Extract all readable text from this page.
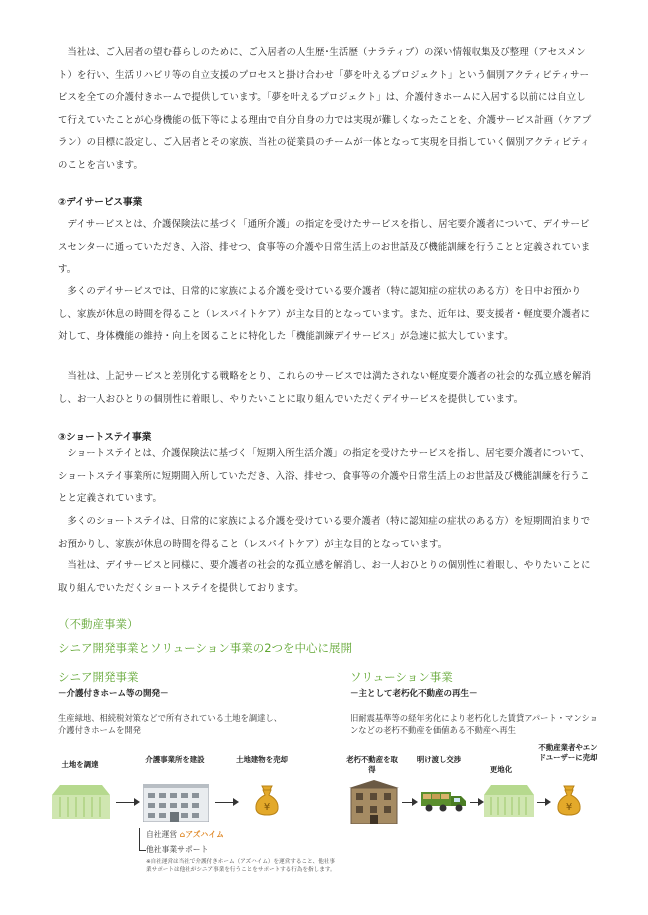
当社は、ご入居者の望む暮らしのために、ご入居者の人生歴･生活歴（ナラティブ）の深い情報収集及び整理（アセスメント）を行い、生活リハビリ等の自立支援のプロセスと掛け合わせ「夢を叶えるプロジェクト」という個別アクティビティサービスを全ての介護付きホームで提供しています。「夢を叶えるプロジェクト」は、介護付きホームに入居する以前には自立して行えていたことが心身機能の低下等による理由で自分自身の力では実現が難しくなったことを、介護サービス計画（ケアプラン）の目標に設定し、ご入居者とその家族、当社の従業員のチームが一体となって実現を目指していく個別アクティビティのことを言います。
②デイサービス事業
デイサービスとは、介護保険法に基づく「通所介護」の指定を受けたサービスを指し、居宅要介護者について、デイサービスセンターに通っていただき、入浴、排せつ、食事等の介護や日常生活上のお世話及び機能訓練を行うことと定義されています。
多くのデイサービスでは、日常的に家族による介護を受けている要介護者（特に認知症の症状のある方）を日中お預かりし、家族が休息の時間を得ること（レスパイトケア）が主な目的となっています。また、近年は、要支援者・軽度要介護者に対して、身体機能の維持・向上を図ることに特化した「機能訓練デイサービス」が急速に拡大しています。
当社は、上記サービスと差別化する戦略をとり、これらのサービスでは満たされない軽度要介護者の社会的な孤立感を解消し、お一人おひとりの個別性に着眼し、やりたいことに取り組んでいただくデイサービスを提供しています。
③ショートステイ事業
ショートステイとは、介護保険法に基づく「短期入所生活介護」の指定を受けたサービスを指し、居宅要介護者について、ショートステイ事業所に短期間入所していただき、入浴、排せつ、食事等の介護や日常生活上のお世話及び機能訓練を行うことと定義されています。
多くのショートステイは、日常的に家族による介護を受けている要介護者（特に認知症の症状のある方）を短期間泊まりでお預かりし、家族が休息の時間を得ること（レスパイトケア）が主な目的となっています。
当社は、デイサービスと同様に、要介護者の社会的な孤立感を解消し、お一人おひとりの個別性に着眼し、やりたいことに取り組んでいただくショートステイを提供しております。
（不動産事業）
シニア開発事業とソリューション事業の2つを中心に展開
シニア開発事業
－介護付きホーム等の開発－
生産緑地、相続税対策などで所有されている土地を調達し、介護付きホームを開発
土地を調達
介護事業所を建設	土地建物を売却
¥
自社運営 ⌂アズハイム
他社事業サポート
※自社運営は当社で介護付きホーム（アズハイム）を運営すること、他社事業サポートは他社がシニア事業を行うことをサポートする行為を指します。
ソリューション事業
－主として老朽化不動産の再生－
旧耐震基準等の経年劣化により老朽化した賃貸アパート・マンションなどの老朽不動産を価値ある不動産へ再生
老朽不動産を取得
明け渡し交渉
更地化
不動産業者やエンドユーザーに売却
¥
